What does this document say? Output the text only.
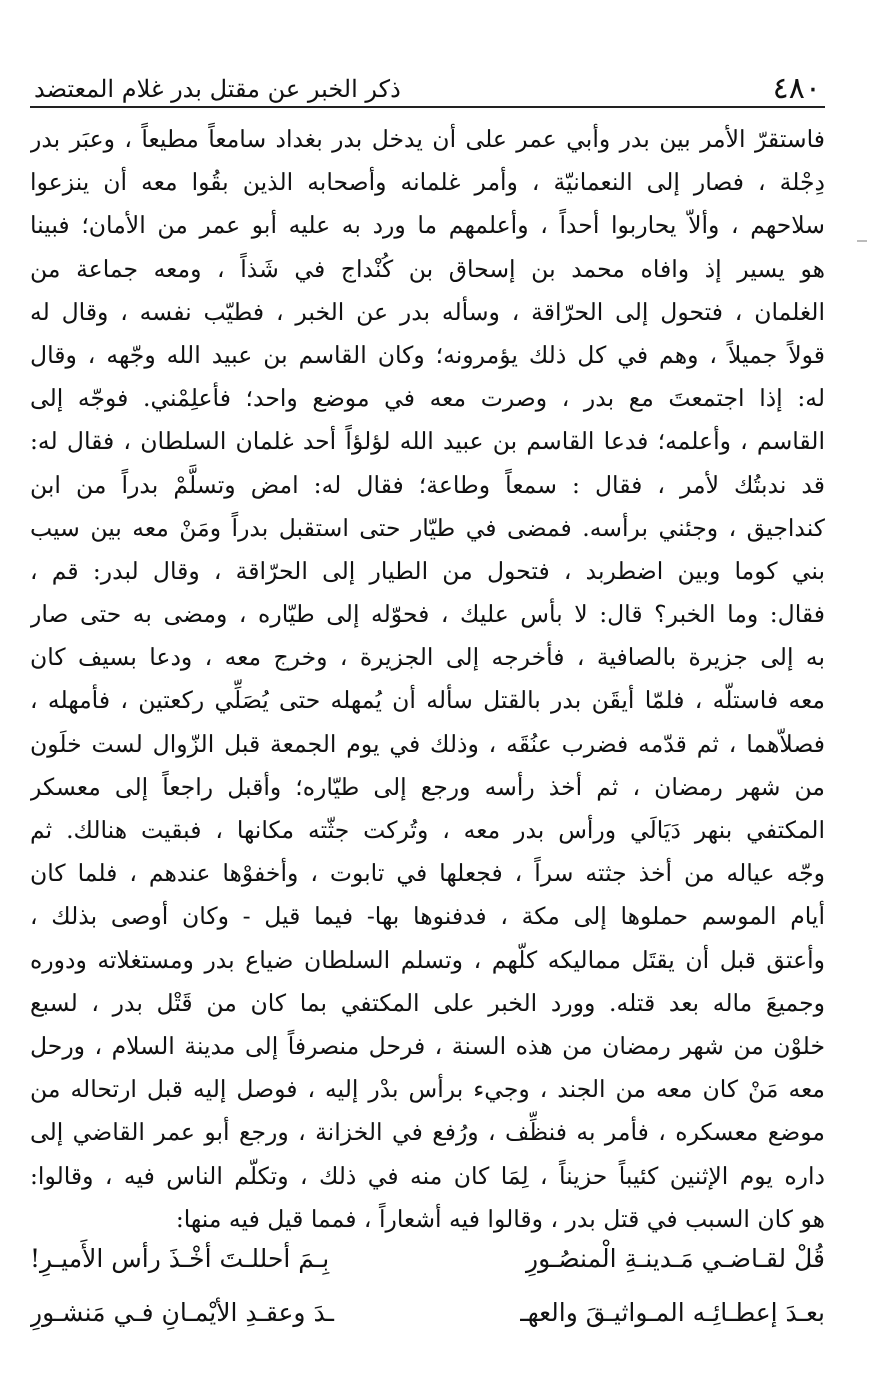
٤٨٠
ذكر الخبر عن مقتل بدر غلام المعتضد
فاستقرّ الأمر بين بدر وأبي عمر على أن يدخل بدر بغداد سامعاً مطيعاً ، وعبَر بدر
دِجْلة ، فصار إلى النعمانيّة ، وأمر غلمانه وأصحابه الذين بقُوا معه أن ينزعوا
سلاحهم ، وألاّ يحاربوا أحداً ، وأعلمهم ما ورد به عليه أبو عمر من الأمان؛ فبينا
هو يسير إذ وافاه محمد بن إسحاق بن كُنْداج في شَذاً ، ومعه جماعة من
الغلمان ، فتحول إلى الحرّاقة ، وسأله بدر عن الخبر ، فطيّب نفسه ، وقال له
قولاً جميلاً ، وهم في كل ذلك يؤمرونه؛ وكان القاسم بن عبيد الله وجّهه ، وقال
له: إذا اجتمعتَ مع بدر ، وصرت معه في موضع واحد؛ فأعلِمْني. فوجّه إلى
القاسم ، وأعلمه؛ فدعا القاسم بن عبيد الله لؤلؤاً أحد غلمان السلطان ، فقال له:
قد ندبتُك لأمر ، فقال : سمعاً وطاعة؛ فقال له: امض وتسلَّمْ بدراً من ابن
كنداجيق ، وجئني برأسه. فمضى في طيّار حتى استقبل بدراً ومَنْ معه بين سيب
بني كوما وبين اضطربد ، فتحول من الطيار إلى الحرّاقة ، وقال لبدر: قم ،
فقال: وما الخبر؟ قال: لا بأس عليك ، فحوّله إلى طيّاره ، ومضى به حتى صار
به إلى جزيرة بالصافية ، فأخرجه إلى الجزيرة ، وخرج معه ، ودعا بسيف كان
معه فاستلّه ، فلمّا أيقَن بدر بالقتل سأله أن يُمهله حتى يُصَلِّي ركعتين ، فأمهله ،
فصلاّهما ، ثم قدّمه فضرب عنُقَه ، وذلك في يوم الجمعة قبل الزّوال لست خلَون
من شهر رمضان ، ثم أخذ رأسه ورجع إلى طيّاره؛ وأقبل راجعاً إلى معسكر
المكتفي بنهر دَيَالَي ورأس بدر معه ، وتُركت جثّته مكانها ، فبقيت هنالك. ثم
وجّه عياله من أخذ جثته سراً ، فجعلها في تابوت ، وأخفوْها عندهم ، فلما كان
أيام الموسم حملوها إلى مكة ، فدفنوها بها- فيما قيل - وكان أوصى بذلك ،
وأعتق قبل أن يقتَل مماليكه كلّهم ، وتسلم السلطان ضياع بدر ومستغلاته ودوره
وجميعَ ماله بعد قتله. وورد الخبر على المكتفي بما كان من قَتْل بدر ، لسبع
خلوْن من شهر رمضان من هذه السنة ، فرحل منصرفاً إلى مدينة السلام ، ورحل
معه مَنْ كان معه من الجند ، وجيء برأس بدْر إليه ، فوصل إليه قبل ارتحاله من
موضع معسكره ، فأمر به فنظِّف ، ورُفع في الخزانة ، ورجع أبو عمر القاضي إلى
داره يوم الإثنين كئيباً حزيناً ، لِمَا كان منه في ذلك ، وتكلّم الناس فيه ، وقالوا:
هو كان السبب في قتل بدر ، وقالوا فيه أشعاراً ، فمما قيل فيه منها:
قُلْ لقـاضـي مَـدينـةِ الْمنصُـورِ
بِـمَ أحللـتَ أخْـذَ رأس الأَميـرِ!
بعـدَ إعطـائِـه المـواثيـقَ والعهـ
ـدَ وعقـدِ الأيْمـانِ فـي مَنشـورِ
